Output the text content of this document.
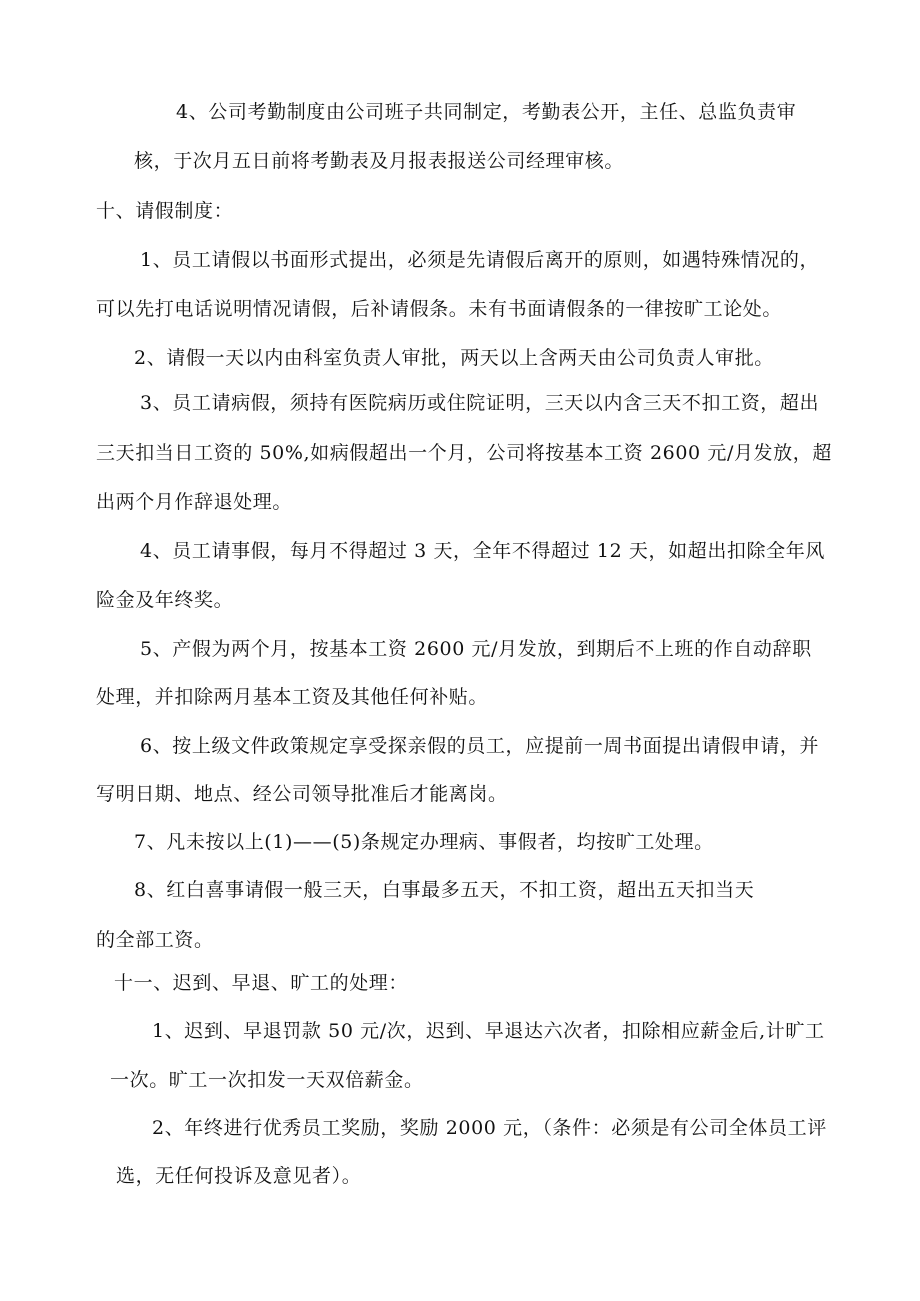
4、公司考勤制度由公司班子共同制定，考勤表公开，主任、总监负责审

核，于次月五日前将考勤表及月报表报送公司经理审核。

十、请假制度：

1、员工请假以书面形式提出，必须是先请假后离开的原则，如遇特殊情况的，

可以先打电话说明情况请假，后补请假条。未有书面请假条的一律按旷工论处。

2、请假一天以内由科室负责人审批，两天以上含两天由公司负责人审批。

3、员工请病假，须持有医院病历或住院证明，三天以内含三天不扣工资，超出

三天扣当日工资的 50%,如病假超出一个月，公司将按基本工资 2600 元/月发放，超

出两个月作辞退处理。

4、员工请事假，每月不得超过 3 天，全年不得超过 12 天，如超出扣除全年风

险金及年终奖。

5、产假为两个月，按基本工资 2600 元/月发放，到期后不上班的作自动辞职

处理，并扣除两月基本工资及其他任何补贴。

6、按上级文件政策规定享受探亲假的员工，应提前一周书面提出请假申请，并

写明日期、地点、经公司领导批准后才能离岗。

7、凡未按以上(1)——(5)条规定办理病、事假者，均按旷工处理。

8、红白喜事请假一般三天，白事最多五天，不扣工资，超出五天扣当天

的全部工资。

十一、迟到、早退、旷工的处理：

1、迟到、早退罚款 50 元/次，迟到、早退达六次者，扣除相应薪金后,计旷工

一次。旷工一次扣发一天双倍薪金。

2、年终进行优秀员工奖励，奖励 2000 元，（条件：必须是有公司全体员工评

选，无任何投诉及意见者）。
